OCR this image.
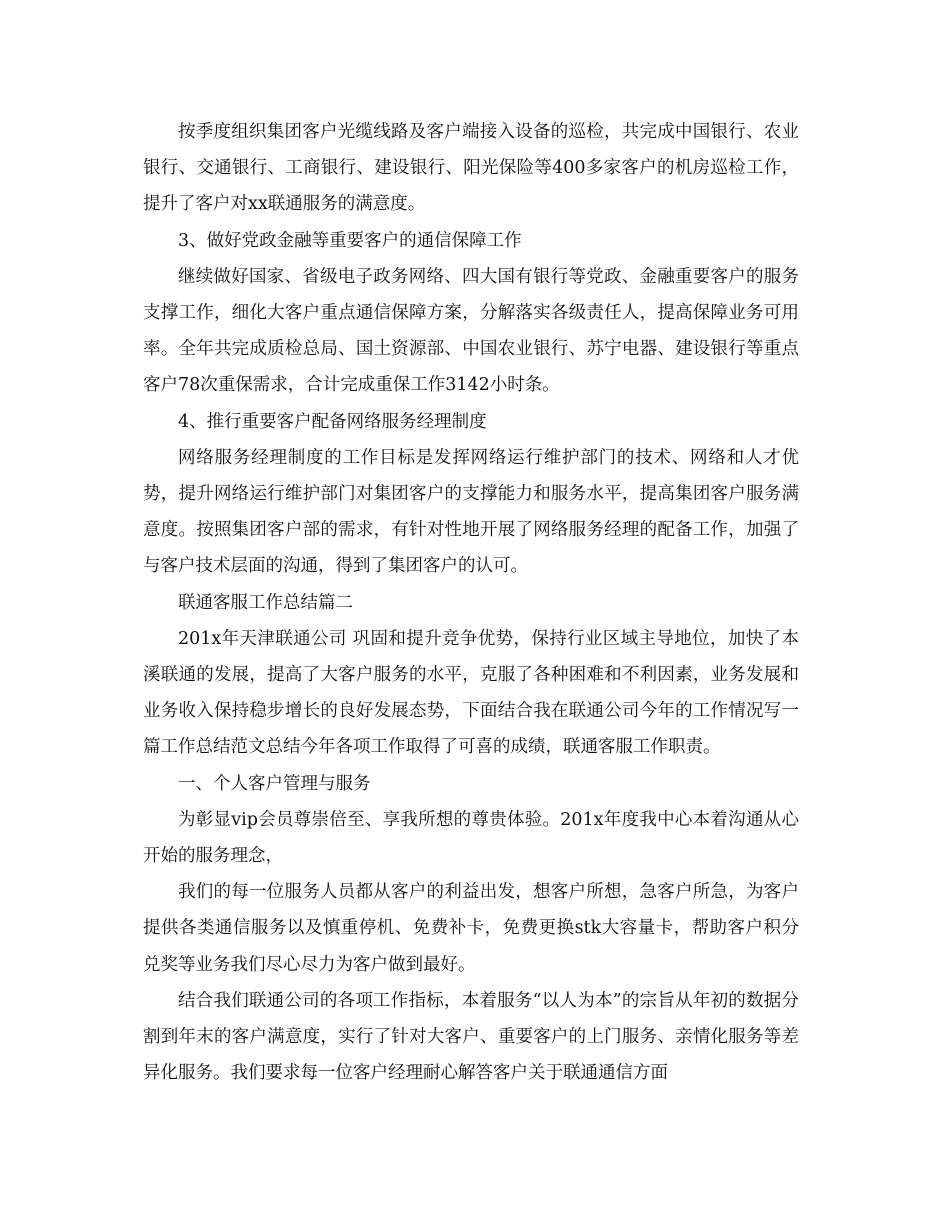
按季度组织集团客户光缆线路及客户端接入设备的巡检，共完成中国银行、农业银行、交通银行、工商银行、建设银行、阳光保险等400多家客户的机房巡检工作，提升了客户对xx联通服务的满意度。

3、做好党政金融等重要客户的通信保障工作

继续做好国家、省级电子政务网络、四大国有银行等党政、金融重要客户的服务支撑工作，细化大客户重点通信保障方案，分解落实各级责任人，提高保障业务可用率。全年共完成质检总局、国土资源部、中国农业银行、苏宁电器、建设银行等重点客户78次重保需求，合计完成重保工作3142小时条。

4、推行重要客户配备网络服务经理制度

网络服务经理制度的工作目标是发挥网络运行维护部门的技术、网络和人才优势，提升网络运行维护部门对集团客户的支撑能力和服务水平，提高集团客户服务满意度。按照集团客户部的需求，有针对性地开展了网络服务经理的配备工作，加强了与客户技术层面的沟通，得到了集团客户的认可。

联通客服工作总结篇二

201x年天津联通公司 巩固和提升竞争优势，保持行业区域主导地位，加快了本溪联通的发展，提高了大客户服务的水平，克服了各种困难和不利因素，业务发展和业务收入保持稳步增长的良好发展态势，下面结合我在联通公司今年的工作情况写一篇工作总结范文总结今年各项工作取得了可喜的成绩，联通客服工作职责。

一、个人客户管理与服务

为彰显vip会员尊崇倍至、享我所想的尊贵体验。201x年度我中心本着沟通从心开始的服务理念，

我们的每一位服务人员都从客户的利益出发，想客户所想，急客户所急，为客户提供各类通信服务以及慎重停机、免费补卡，免费更换stk大容量卡，帮助客户积分兑奖等业务我们尽心尽力为客户做到最好。

结合我们联通公司的各项工作指标，本着服务“以人为本”的宗旨从年初的数据分割到年末的客户满意度，实行了针对大客户、重要客户的上门服务、亲情化服务等差异化服务。我们要求每一位客户经理耐心解答客户关于联通通信方面
